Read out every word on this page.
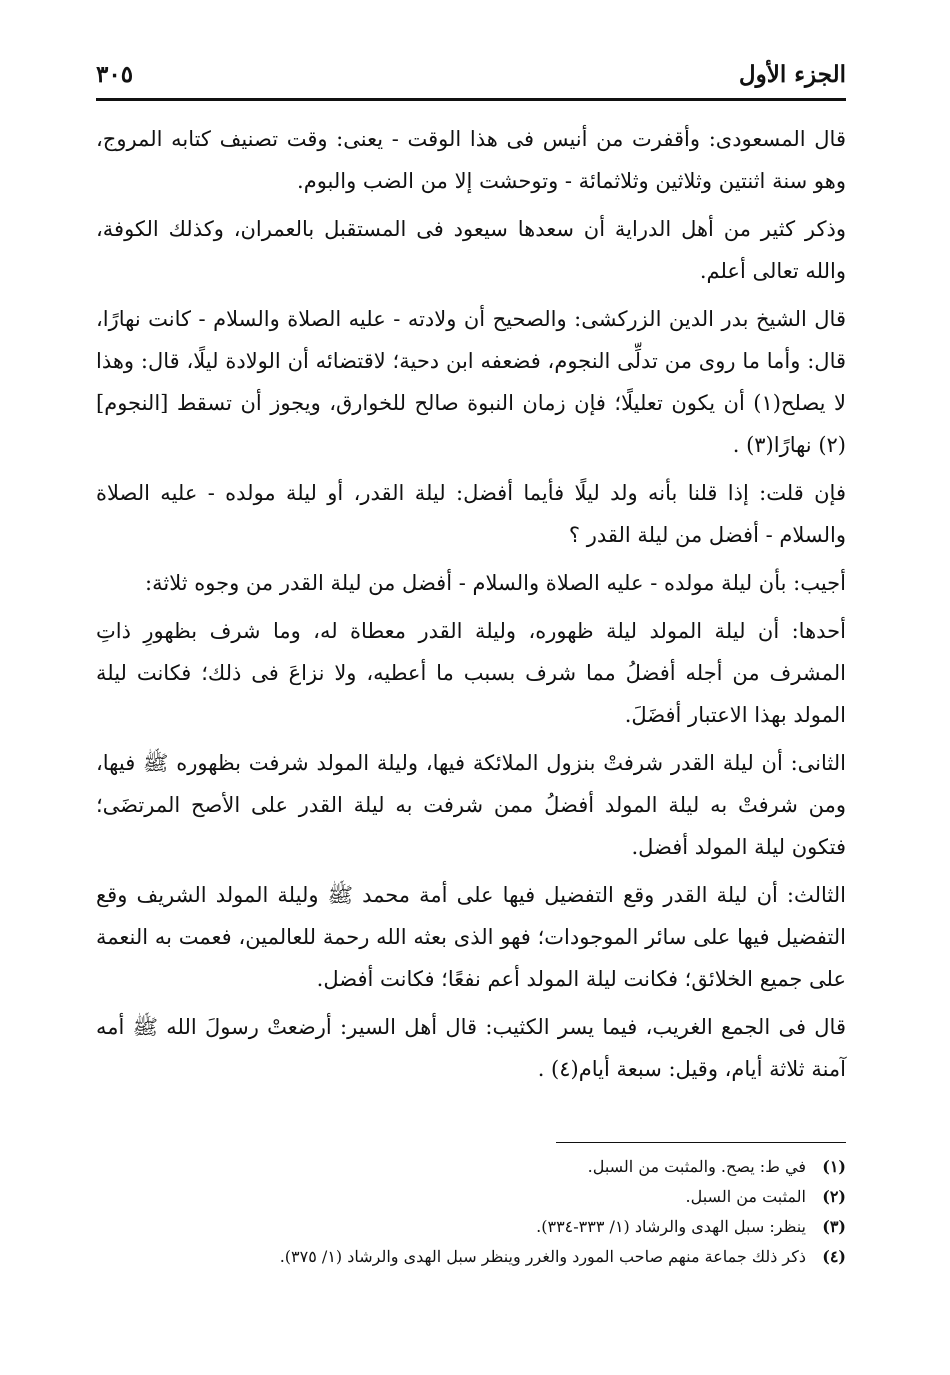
الجزء الأول
٣٠٥

قال المسعودى: وأقفرت من أنيس فى هذا الوقت - يعنى: وقت تصنيف كتابه المروج، وهو سنة اثنتين وثلاثين وثلاثمائة - وتوحشت إلا من الضب والبوم.

وذكر كثير من أهل الدراية أن سعدها سيعود فى المستقبل بالعمران، وكذلك الكوفة، والله تعالى أعلم.

قال الشيخ بدر الدين الزركشى: والصحيح أن ولادته - عليه الصلاة والسلام - كانت نهارًا، قال: وأما ما روى من تدلِّى النجوم، فضعفه ابن دحية؛ لاقتضائه أن الولادة ليلًا، قال: وهذا لا يصلح(١) أن يكون تعليلًا؛ فإن زمان النبوة صالح للخوارق، ويجوز أن تسقط [النجوم](٢) نهارًا(٣) .

فإن قلت: إذا قلنا بأنه ولد ليلًا فأيما أفضل: ليلة القدر، أو ليلة مولده - عليه الصلاة والسلام - أفضل من ليلة القدر ؟

أجيب: بأن ليلة مولده - عليه الصلاة والسلام - أفضل من ليلة القدر من وجوه ثلاثة:

أحدها: أن ليلة المولد ليلة ظهوره، وليلة القدر معطاة له، وما شرف بظهورِ ذاتِ المشرف من أجله أفضلُ مما شرف بسبب ما أعطيه، ولا نزاعَ فى ذلك؛ فكانت ليلة المولد بهذا الاعتبار أفضَلَ.

الثانى: أن ليلة القدر شرفتْ بنزول الملائكة فيها، وليلة المولد شرفت بظهوره ﷺ فيها، ومن شرفتْ به ليلة المولد أفضلُ ممن شرفت به ليلة القدر على الأصح المرتضَى؛ فتكون ليلة المولد أفضل.

الثالث: أن ليلة القدر وقع التفضيل فيها على أمة محمد ﷺ وليلة المولد الشريف وقع التفضيل فيها على سائر الموجودات؛ فهو الذى بعثه الله رحمة للعالمين، فعمت به النعمة على جميع الخلائق؛ فكانت ليلة المولد أعم نفعًا؛ فكانت أفضل.

قال فى الجمع الغريب، فيما يسر الكثيب: قال أهل السير: أرضعتْ رسولَ الله ﷺ أمه آمنة ثلاثة أيام، وقيل: سبعة أيام(٤) .

(١)في ط: يصح. والمثبت من السبل.

(٢)المثبت من السبل.

(٣)ينظر: سبل الهدى والرشاد (١/ ٣٣٣-٣٣٤).

(٤)ذكر ذلك جماعة منهم صاحب المورد والغرر وينظر سبل الهدى والرشاد (١/ ٣٧٥).
